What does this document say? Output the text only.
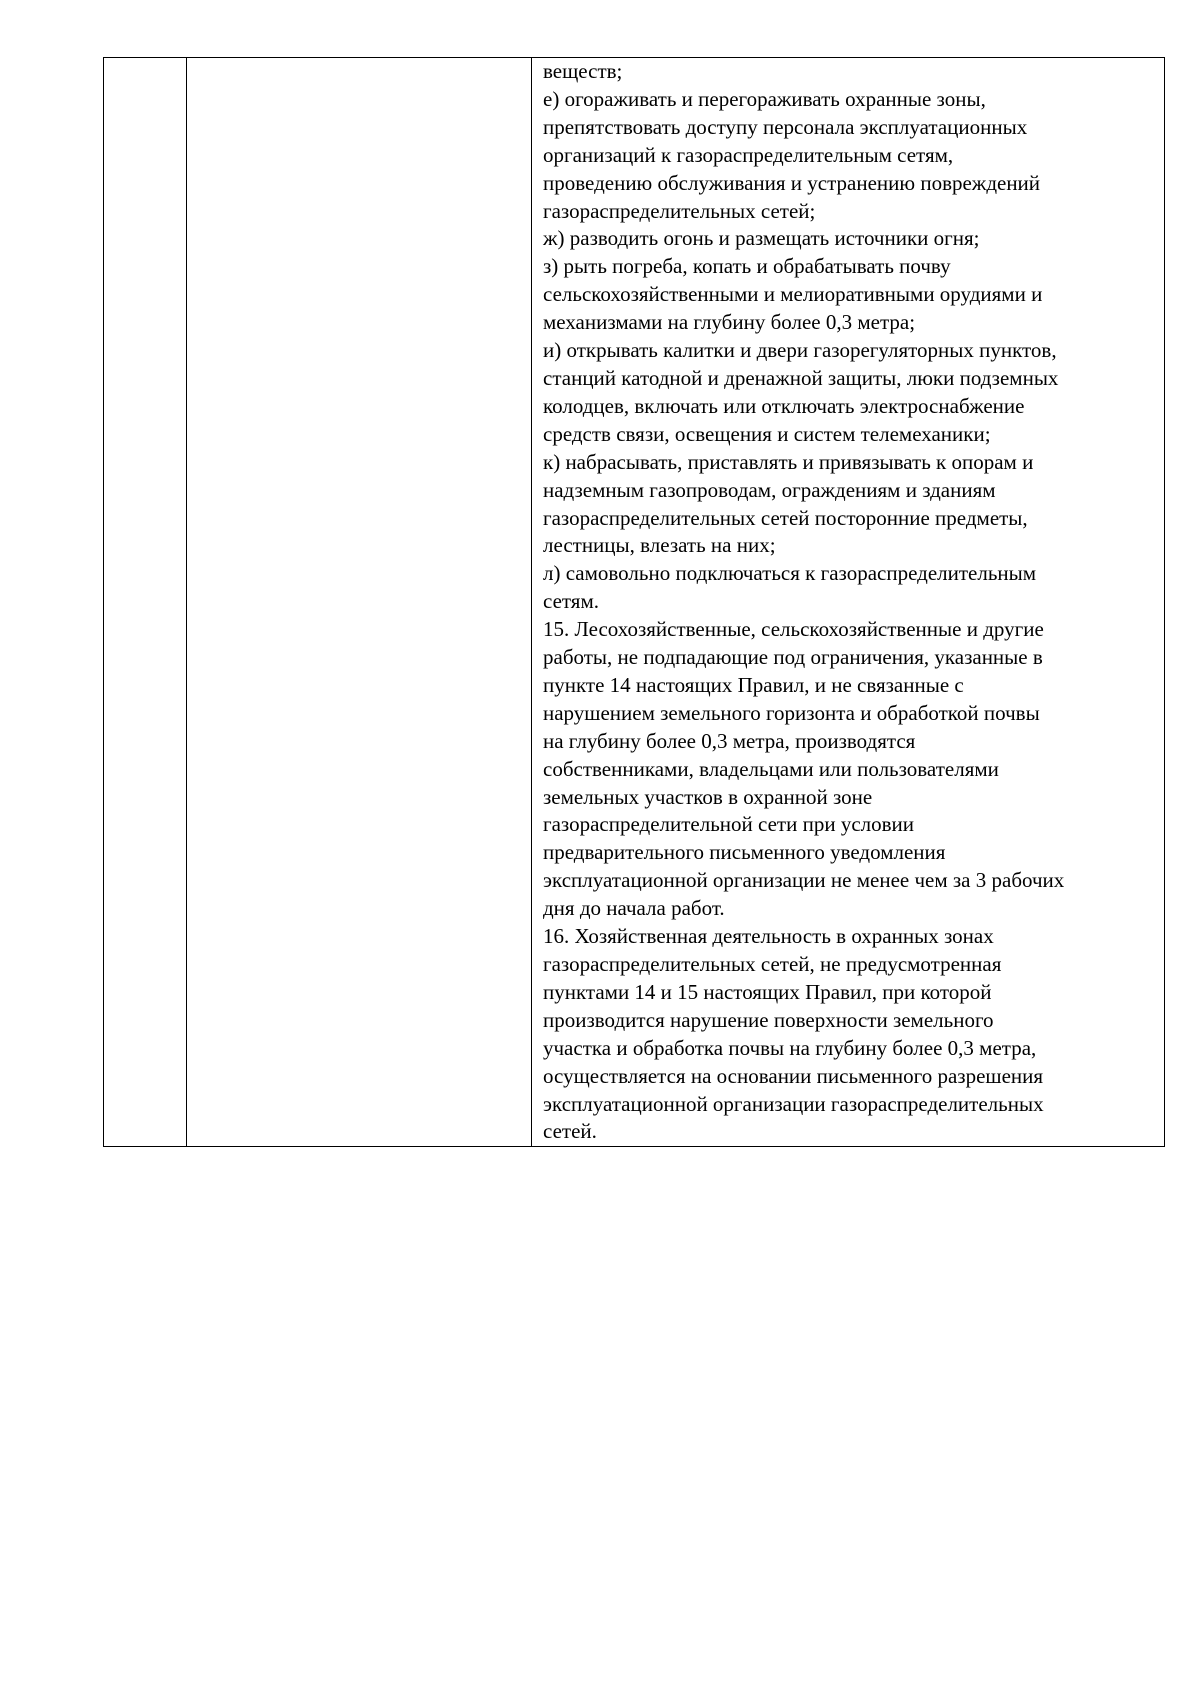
веществ;
е) огораживать и перегораживать охранные зоны,
препятствовать доступу персонала эксплуатационных
организаций к газораспределительным сетям,
проведению обслуживания и устранению повреждений
газораспределительных сетей;
ж) разводить огонь и размещать источники огня;
з) рыть погреба, копать и обрабатывать почву
сельскохозяйственными и мелиоративными орудиями и
механизмами на глубину более 0,3 метра;
и) открывать калитки и двери газорегуляторных пунктов,
станций катодной и дренажной защиты, люки подземных
колодцев, включать или отключать электроснабжение
средств связи, освещения и систем телемеханики;
к) набрасывать, приставлять и привязывать к опорам и
надземным газопроводам, ограждениям и зданиям
газораспределительных сетей посторонние предметы,
лестницы, влезать на них;
л) самовольно подключаться к газораспределительным
сетям.
15. Лесохозяйственные, сельскохозяйственные и другие
работы, не подпадающие под ограничения, указанные в
пункте 14 настоящих Правил, и не связанные с
нарушением земельного горизонта и обработкой почвы
на глубину более 0,3 метра, производятся
собственниками, владельцами или пользователями
земельных участков в охранной зоне
газораспределительной сети при условии
предварительного письменного уведомления
эксплуатационной организации не менее чем за 3 рабочих
дня до начала работ.
16. Хозяйственная деятельность в охранных зонах
газораспределительных сетей, не предусмотренная
пунктами 14 и 15 настоящих Правил, при которой
производится нарушение поверхности земельного
участка и обработка почвы на глубину более 0,3 метра,
осуществляется на основании письменного разрешения
эксплуатационной организации газораспределительных
сетей.
